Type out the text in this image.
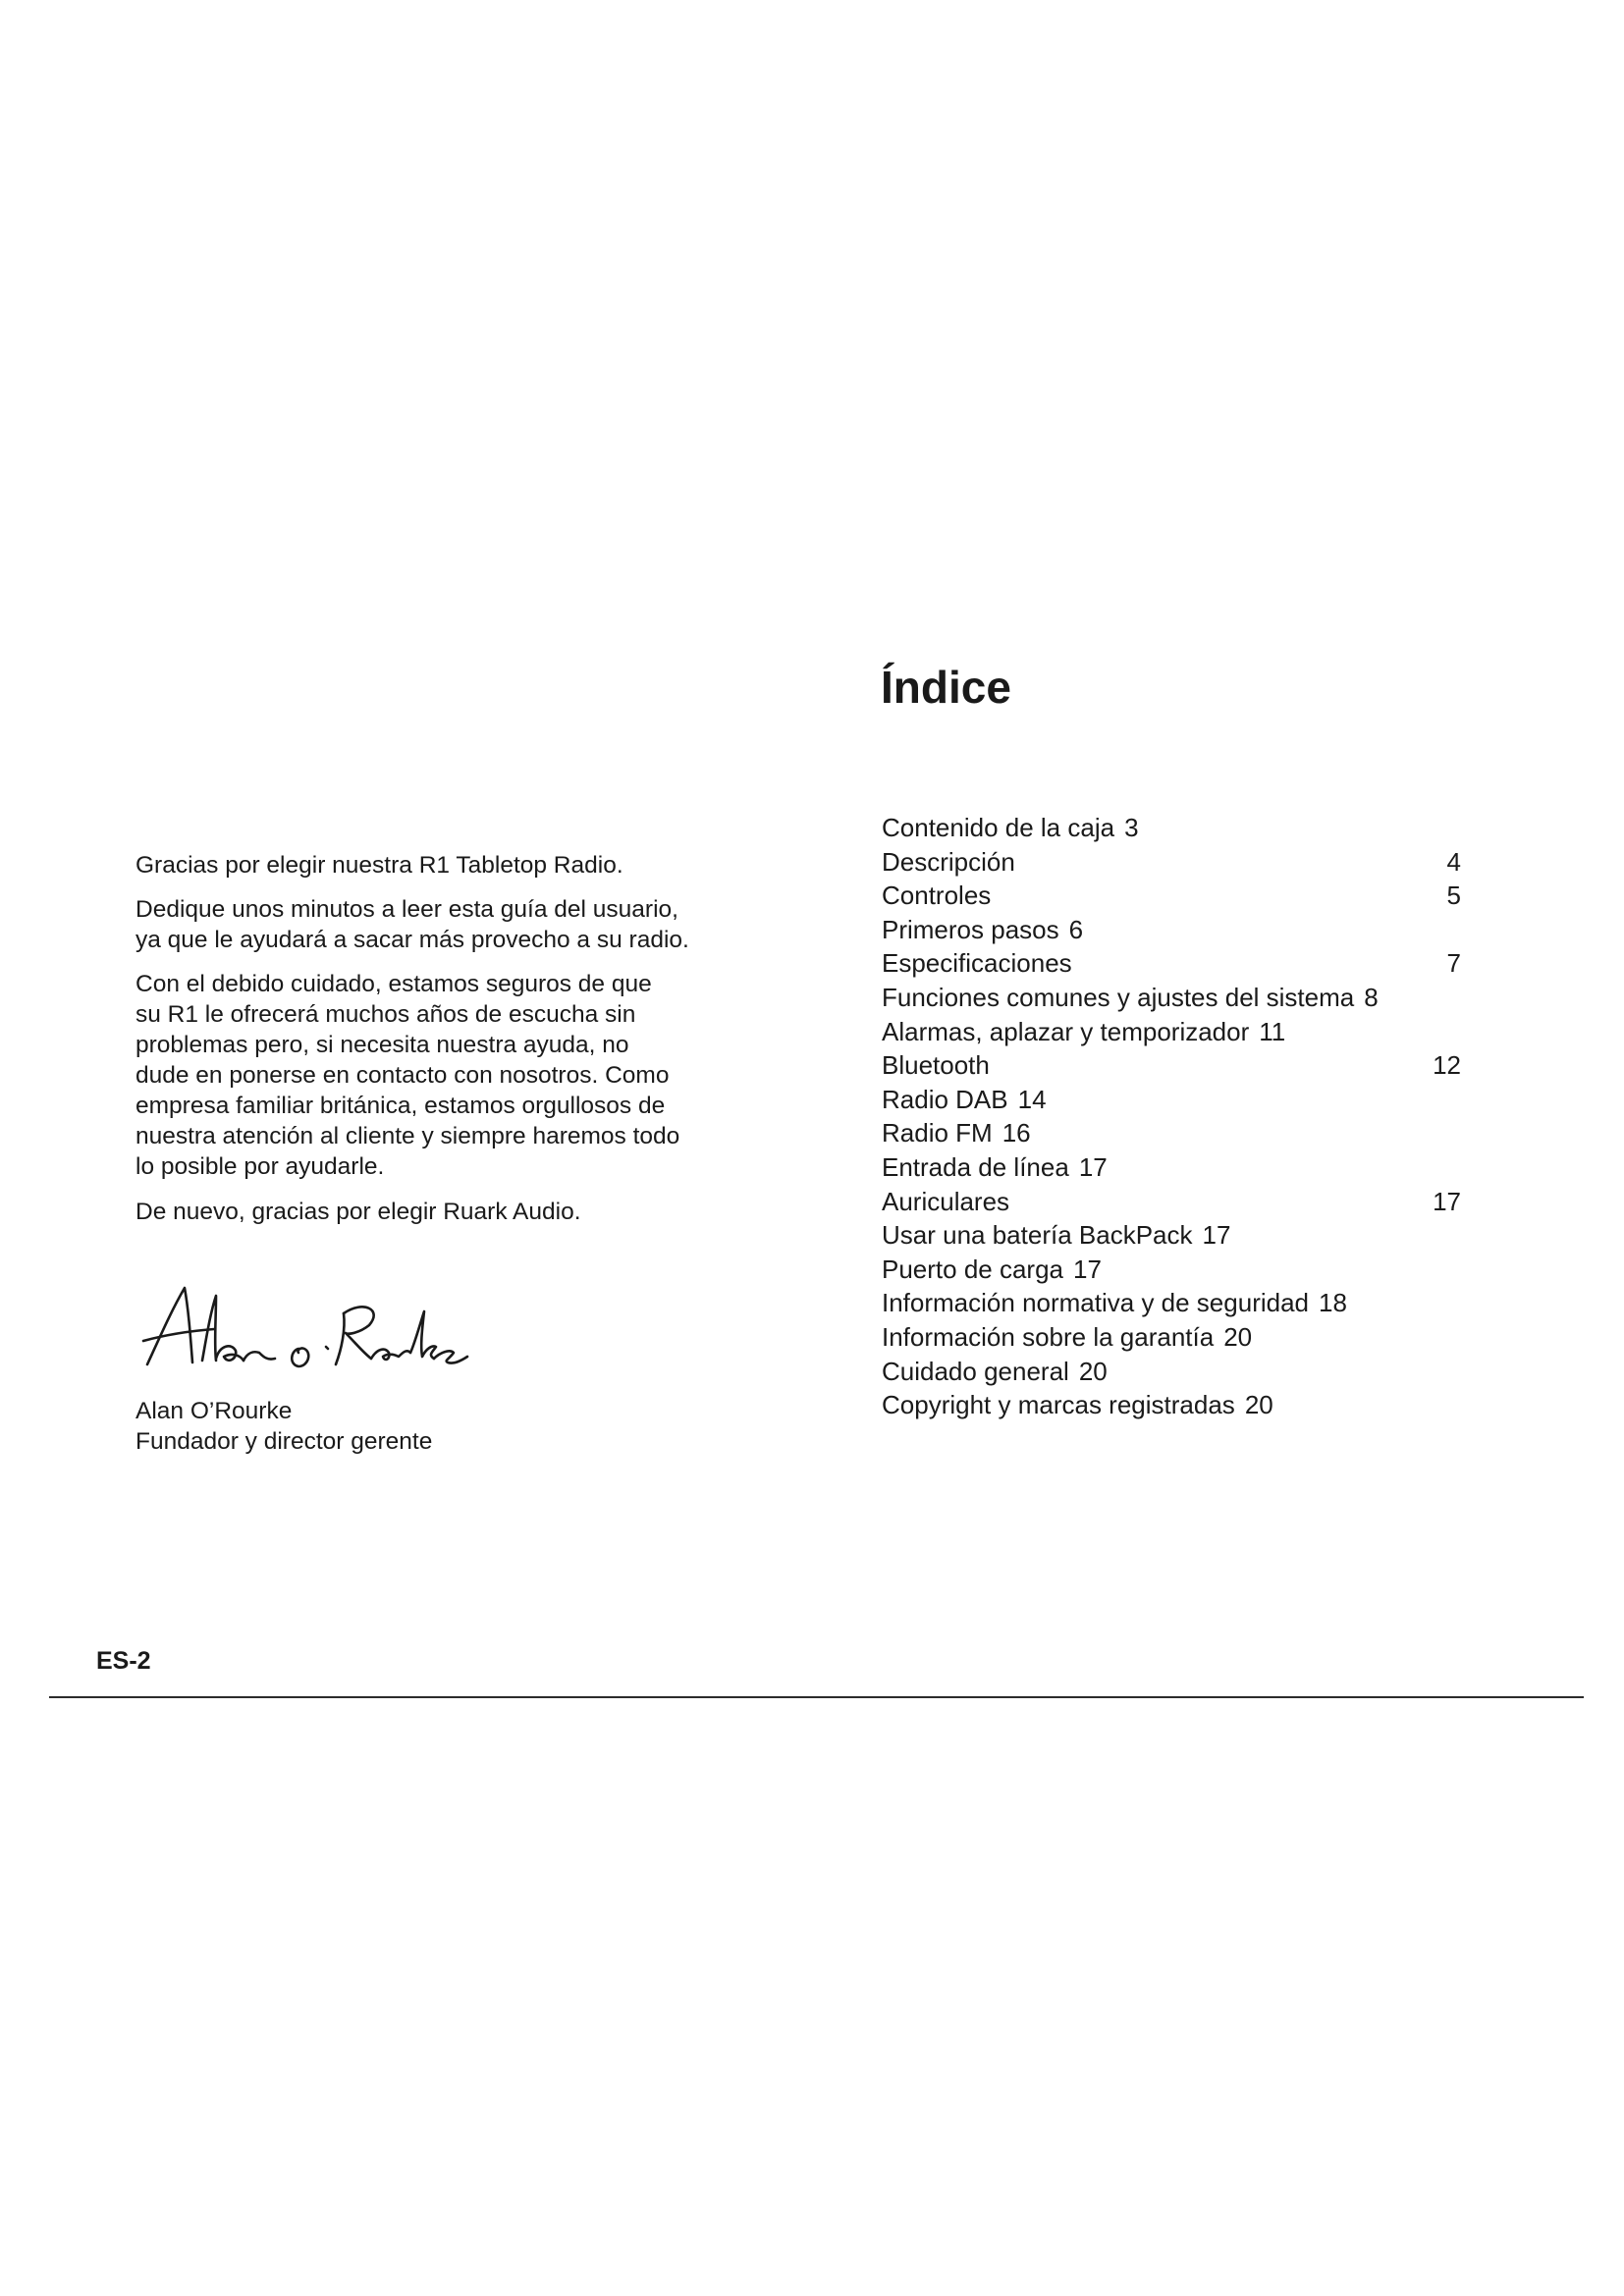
Gracias por elegir nuestra R1 Tabletop Radio.

Dedique unos minutos a leer esta guía del usuario,
ya que le ayudará a sacar más provecho a su radio.

Con el debido cuidado, estamos seguros de que
su R1 le ofrecerá muchos años de escucha sin
problemas pero, si necesita nuestra ayuda, no
dude en ponerse en contacto con nosotros. Como
empresa familiar británica, estamos orgullosos de
nuestra atención al cliente y siempre haremos todo
lo posible por ayudarle.

De nuevo, gracias por elegir Ruark Audio.

Alan O’Rourke
Fundador y director gerente
Índice
Contenido de la caja 3
Descripción	4
Controles	5
Primeros pasos 6
Especificaciones	7
Funciones comunes y ajustes del sistema 8
Alarmas, aplazar y temporizador 11
Bluetooth	12
Radio DAB 14
Radio FM 16
Entrada de línea 17
Auriculares	17
Usar una batería BackPack 17
Puerto de carga 17
Información normativa y de seguridad 18
Información sobre la garantía 20
Cuidado general 20
Copyright y marcas registradas 20
ES-2
